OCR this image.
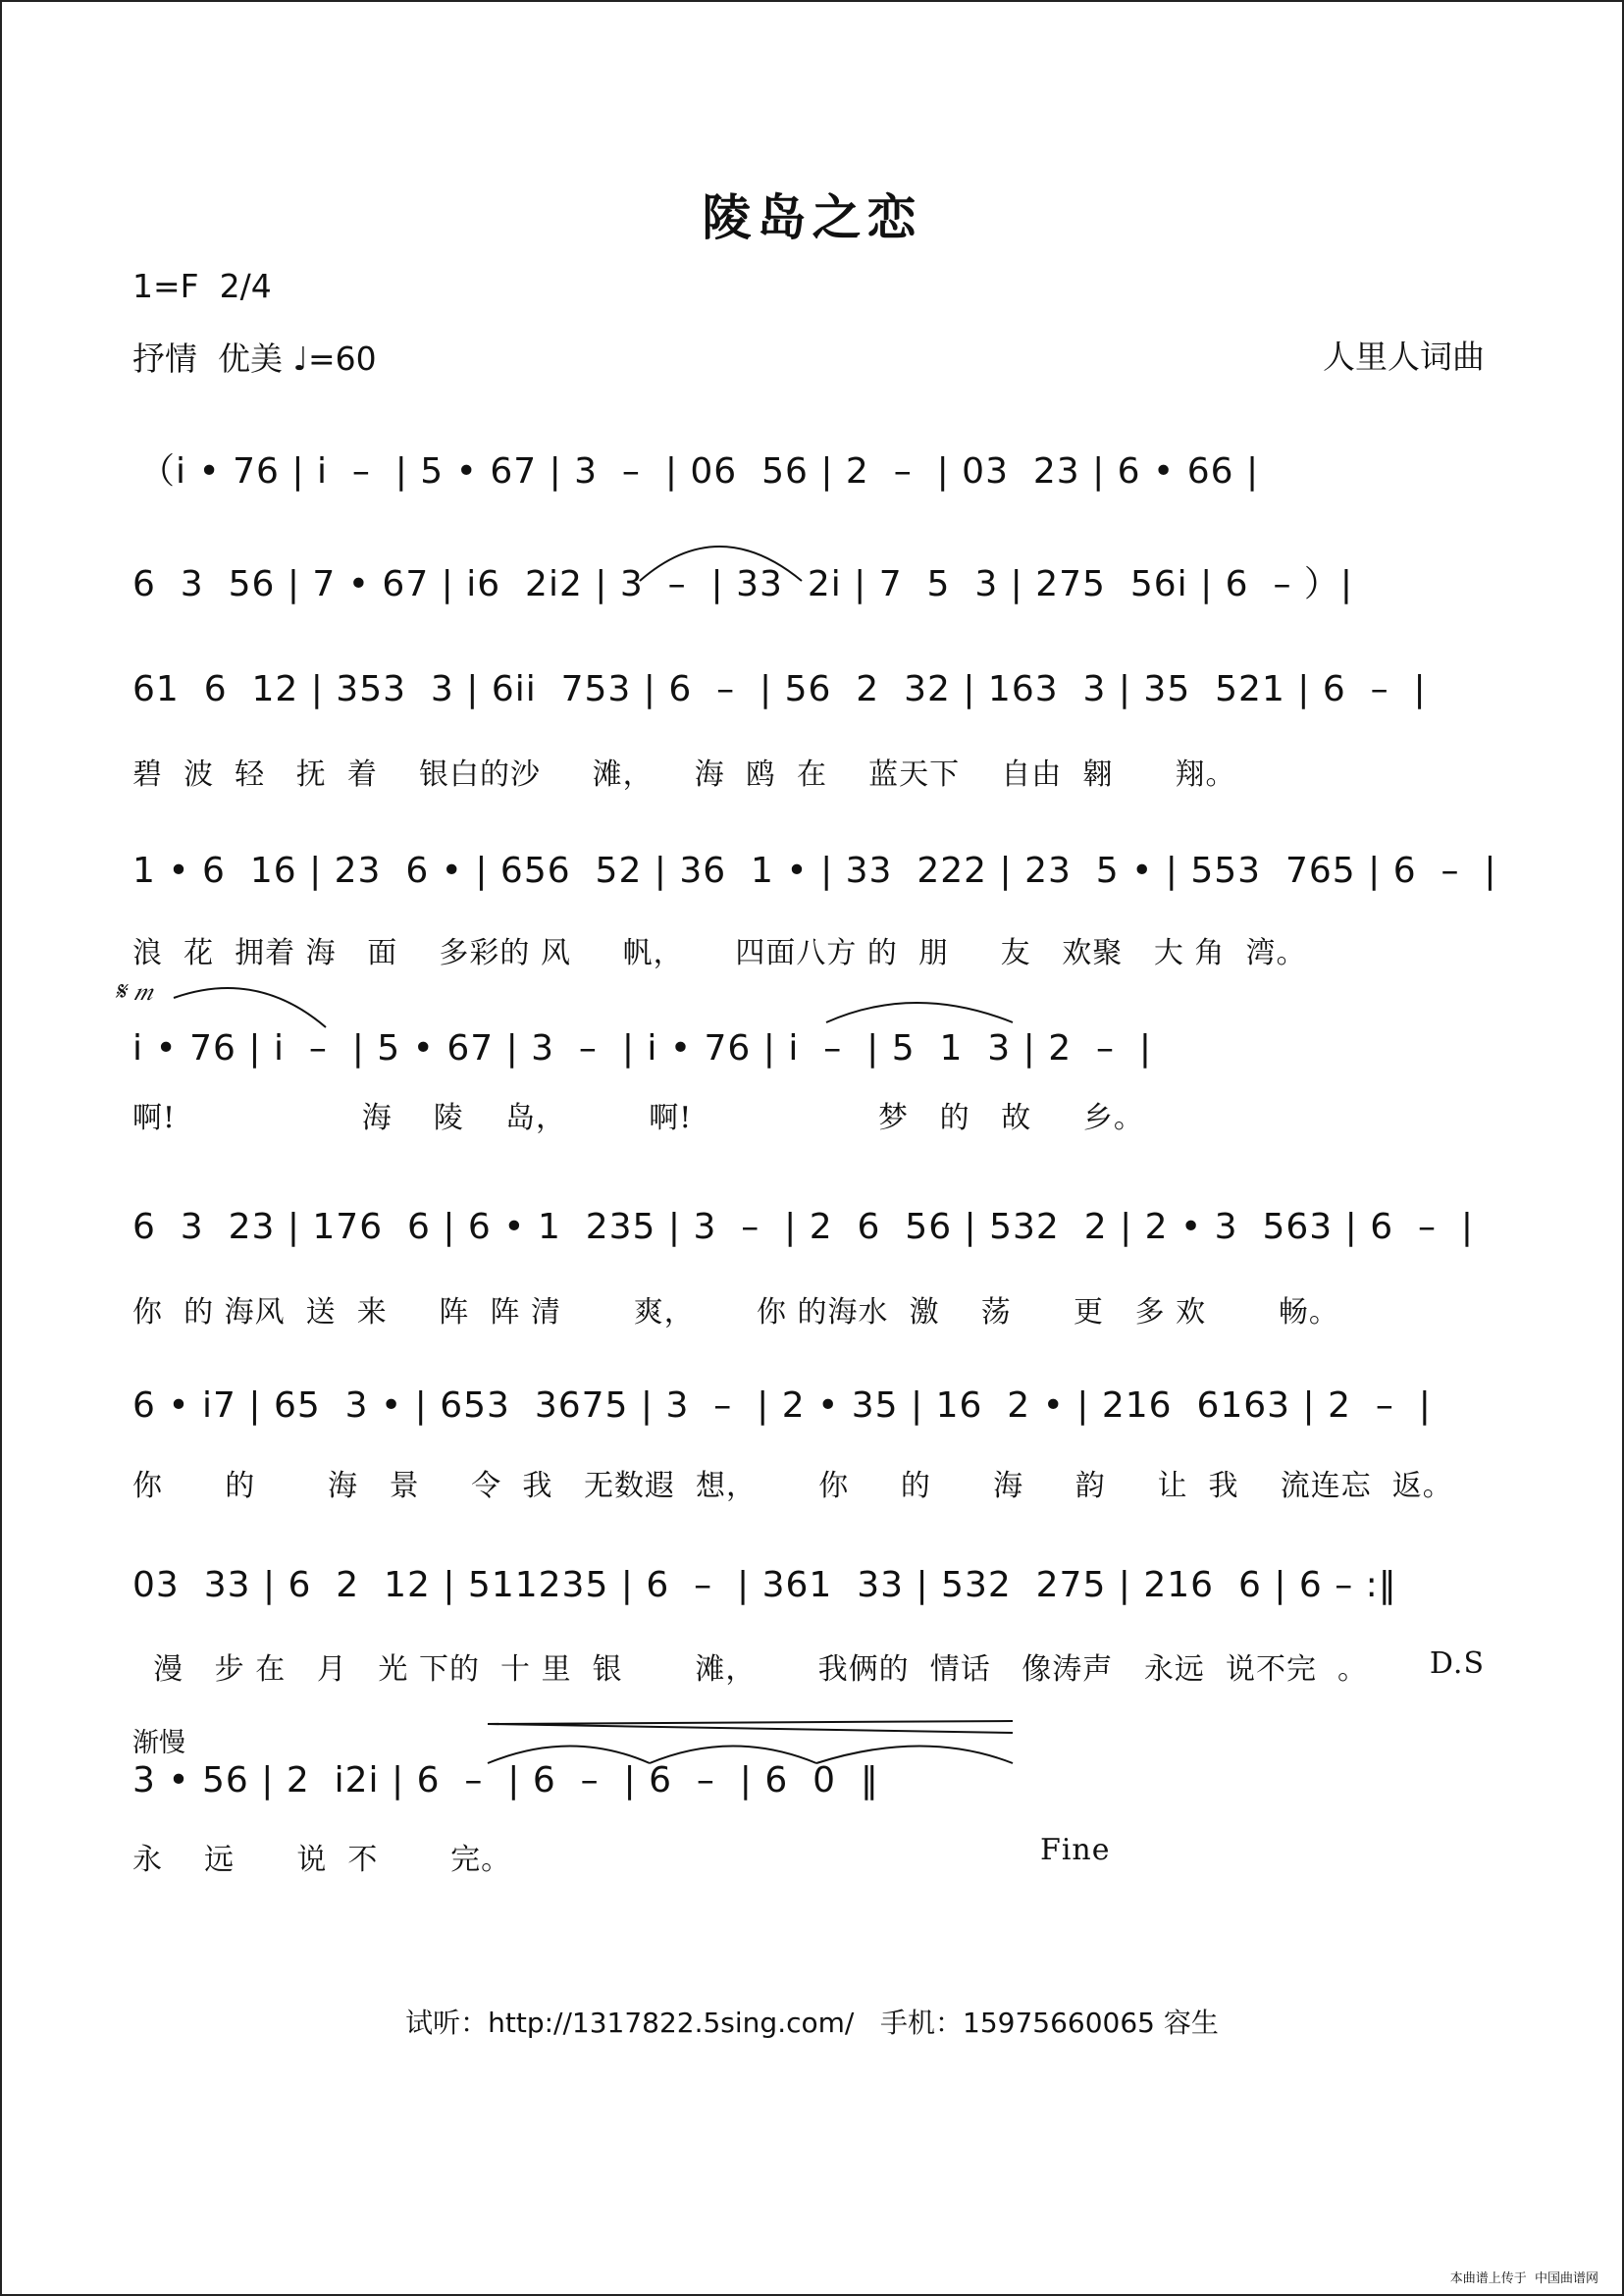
陵岛之恋
1=F  2/4
抒情  优美 ♩=60	人里人词曲
（i • 76 | i  –  | 5 • 67 | 3  –  | 06  56 | 2  –  | 03  23 | 6 • 66 |
6  3  56 | 7 • 67 | i6  2i2 | 3  –  | 33  2i | 7  5  3 | 275  56i | 6  – ）|
61  6  12 | 353  3 | 6ii  753 | 6  –  | 56  2  32 | 163  3 | 35  521 | 6  –  |
碧  波  轻   抚  着    银白的沙     滩，    海  鸥  在    蓝天下    自由  翱      翔。
1 • 6  16 | 23  6 • | 656  52 | 36  1 • | 33  222 | 23  5 • | 553  765 | 6  –  |
浪  花  拥着 海   面    多彩的 风     帆，     四面八方 的  朋     友   欢聚   大 角  湾。
𝄋 𝆐
i • 76 | i  –  | 5 • 67 | 3  –  | i • 76 | i  –  | 5  1  3 | 2  –  |
啊!                  海    陵    岛，        啊!                  梦   的   故     乡。
6  3  23 | 176  6 | 6 • 1  235 | 3  –  | 2  6  56 | 532  2 | 2 • 3  563 | 6  –  |
你  的 海风  送  来     阵  阵 清       爽，      你 的海水  激    荡      更   多 欢       畅。
6 • i7 | 65  3 • | 653  3675 | 3  –  | 2 • 35 | 16  2 • | 216  6163 | 2  –  |
你      的       海   景     令  我   无数遐  想，      你     的      海     韵     让  我    流连忘  返。
03  33 | 6  2  12 | 511235 | 6  –  | 361  33 | 532  275 | 216  6 | 6 – :‖
漫   步 在   月   光 下的  十 里  银       滩，      我俩的  情话   像涛声   永远  说不完  。 D.S
渐慢
3 • 56 | 2  i2i | 6  –  | 6  –  | 6  –  | 6  0  ‖
永    远      说  不       完。	Fine
试听：http://1317822.5sing.com/   手机：15975660065 容生
本曲谱上传于  中国曲谱网
